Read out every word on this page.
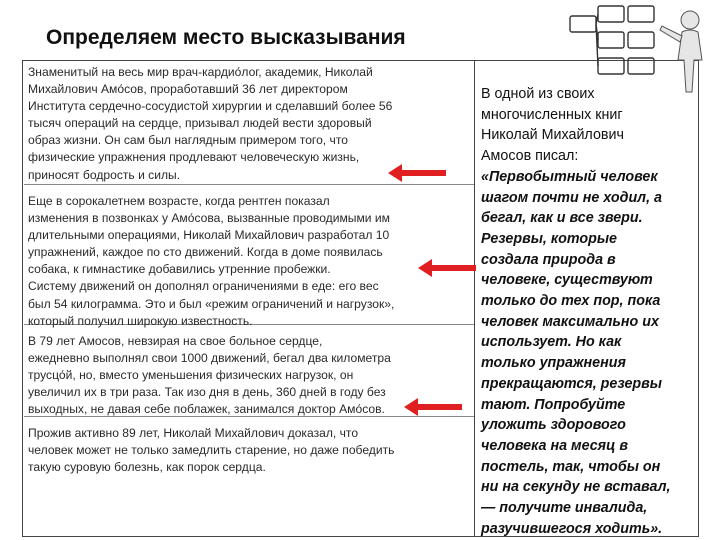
Определяем место высказывания
Знаменитый на весь мир врач-кардио́лог, академик, Николай
Михайлович Амо́сов, проработавший 36 лет директором
Института сердечно-сосудистой хирургии и сделавший более 56
тысяч операций на сердце, призывал людей вести здоровый
образ жизни. Он сам был наглядным примером того, что
физические упражнения продлевают человеческую жизнь,
приносят бодрость и силы.
Еще в сорокалетнем возрасте, когда рентген показал
изменения в позвонках у Амо́сова, вызванные проводимыми им
длительными операциями, Николай Михайлович разработал 10
упражнений, каждое по сто движений. Когда в доме появилась
собака, к гимнастике добавились утренние пробежки.
Систему движений он дополнял ограничениями в еде: его вес
был 54 килограмма. Это и был «режим ограничений и нагрузок»,
который получил широкую известность.
В 79 лет Амосов, невзирая на свое больное сердце,
ежедневно выполнял свои 1000 движений, бегал два километра
трусцо́й, но, вместо уменьшения физических нагрузок, он
увеличил их в три раза. Так изо дня в день, 360 дней в году без
выходных, не давая себе поблажек, занимался доктор Амо́сов.
Прожив активно 89 лет, Николай Михайлович доказал, что
человек может не только замедлить старение, но даже победить
такую суровую болезнь, как порок сердца.
В одной из своих
многочисленных книг
Николай Михайлович
Амосов писал:
«Первобытный человек
шагом почти не ходил, а
бегал, как и все звери.
Резервы, которые
создала природа в
человеке, существуют
только до тех пор, пока
человек максимально их
использует. Но как
только упражнения
прекращаются, резервы
тают. Попробуйте
уложить здорового
человека на месяц в
постель, так, чтобы он
ни на секунду не вставал,
— получите инвалида,
разучившегося ходить».
